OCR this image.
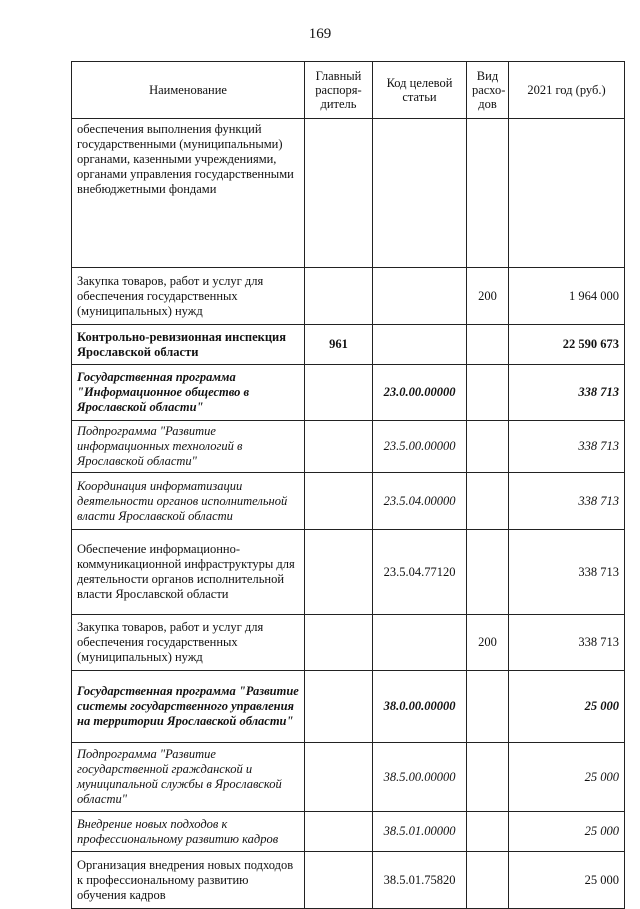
169
Наименование	Главный распоря-дитель	Код целевой статьи	Вид расхо-дов	2021 год (руб.)
обеспечения выполнения функций государственными (муниципальными) органами, казенными учреждениями, органами управления государственными внебюджетными фондами				
Закупка товаров, работ и услуг для обеспечения государственных (муниципальных) нужд			200	1 964 000
Контрольно-ревизионная инспекция Ярославской области	961			22 590 673
Государственная программа "Информационное общество в Ярославской области"		23.0.00.00000		338 713
Подпрограмма "Развитие информационных технологий в Ярославской области"		23.5.00.00000		338 713
Координация информатизации деятельности органов исполнительной власти Ярославской области		23.5.04.00000		338 713
Обеспечение информационно-коммуникационной инфраструктуры для деятельности органов исполнительной власти Ярославской области		23.5.04.77120		338 713
Закупка товаров, работ и услуг для обеспечения государственных (муниципальных) нужд			200	338 713
Государственная программа "Развитие системы государственного управления на территории Ярославской области"		38.0.00.00000		25 000
Подпрограмма "Развитие государственной гражданской и муниципальной службы в Ярославской области"		38.5.00.00000		25 000
Внедрение новых подходов к профессиональному развитию кадров		38.5.01.00000		25 000
Организация внедрения новых подходов к профессиональному развитию обучения кадров		38.5.01.75820		25 000
